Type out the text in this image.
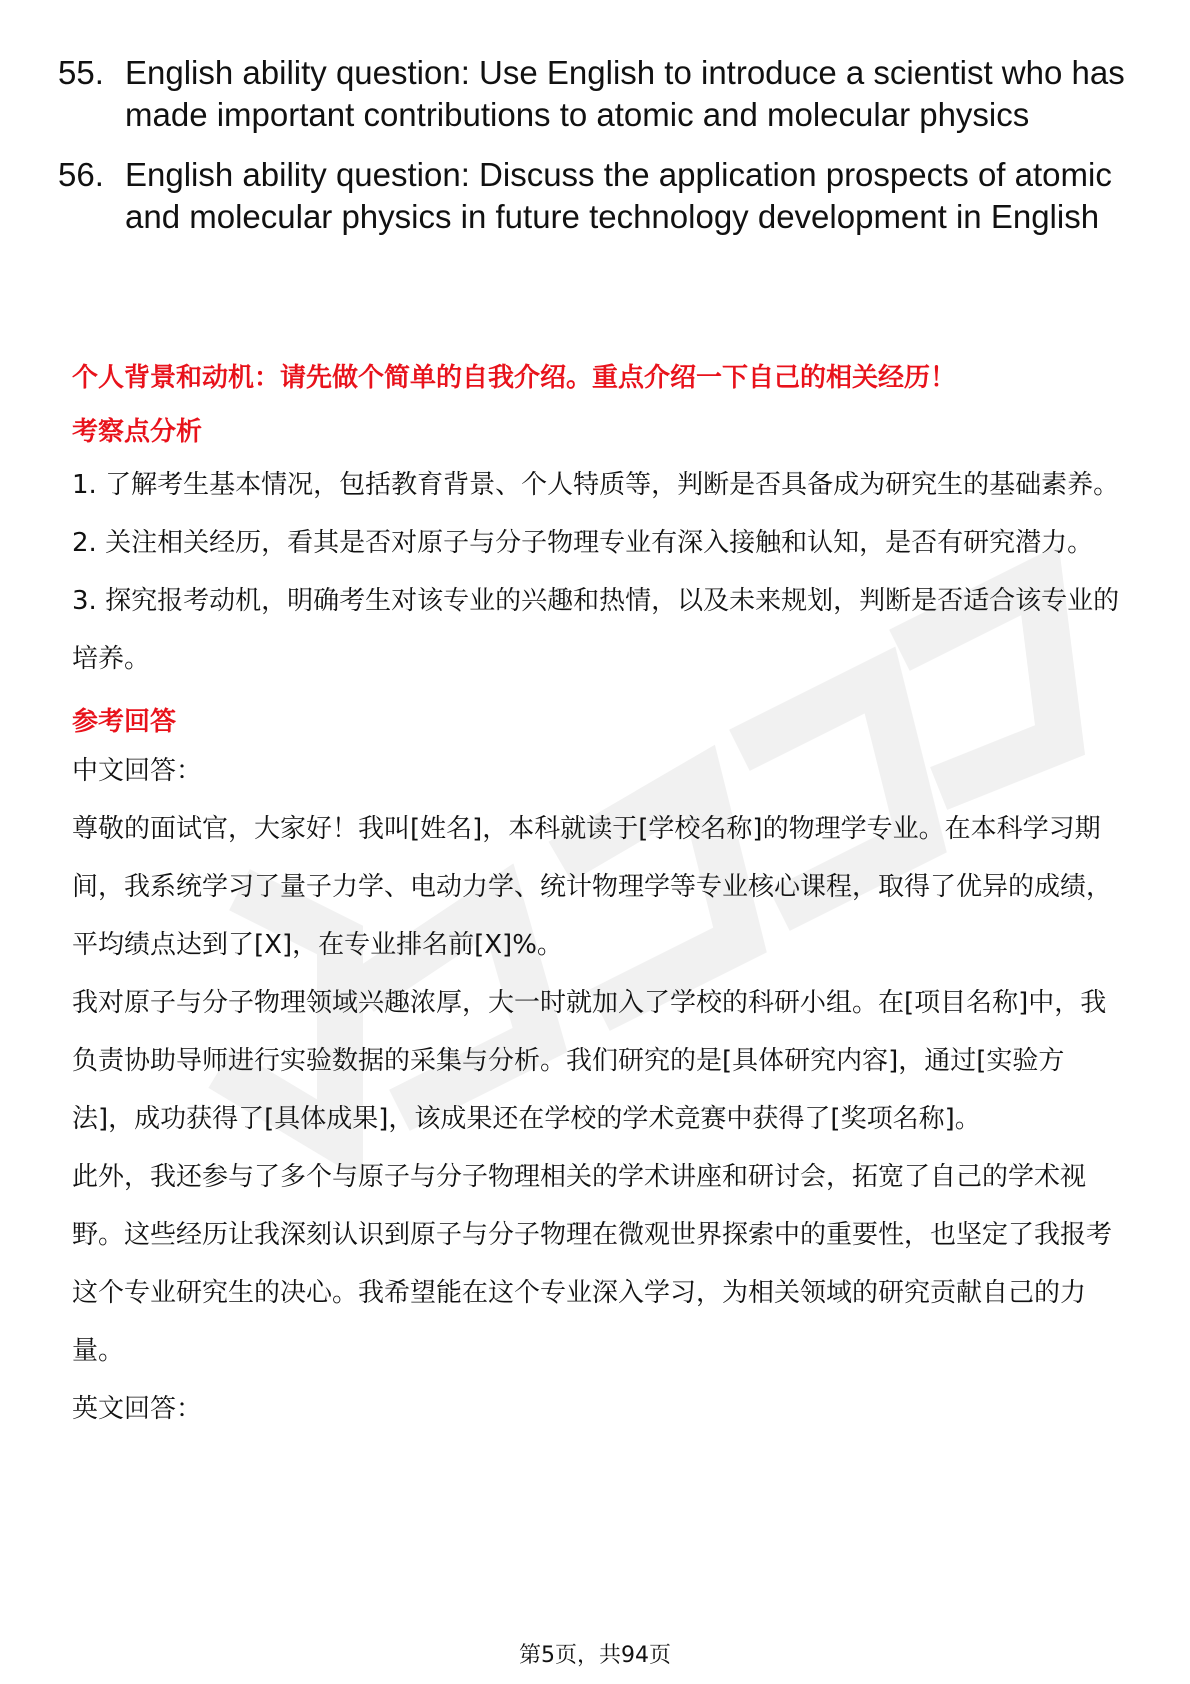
55. English ability question: Use English to introduce a scientist who has made important contributions to atomic and molecular physics
56. English ability question: Discuss the application prospects of atomic and molecular physics in future technology development in English
个人背景和动机：请先做个简单的自我介绍。重点介绍一下自己的相关经历！
考察点分析
1. 了解考生基本情况，包括教育背景、个人特质等，判断是否具备成为研究生的基础素养。
2. 关注相关经历，看其是否对原子与分子物理专业有深入接触和认知，是否有研究潜力。
3. 探究报考动机，明确考生对该专业的兴趣和热情，以及未来规划，判断是否适合该专业的培养。
参考回答
中文回答：
尊敬的面试官，大家好！我叫[姓名]，本科就读于[学校名称]的物理学专业。在本科学习期间，我系统学习了量子力学、电动力学、统计物理学等专业核心课程，取得了优异的成绩，平均绩点达到了[X]，在专业排名前[X]%。
我对原子与分子物理领域兴趣浓厚，大一时就加入了学校的科研小组。在[项目名称]中，我负责协助导师进行实验数据的采集与分析。我们研究的是[具体研究内容]，通过[实验方法]，成功获得了[具体成果]，该成果还在学校的学术竞赛中获得了[奖项名称]。
此外，我还参与了多个与原子与分子物理相关的学术讲座和研讨会，拓宽了自己的学术视野。这些经历让我深刻认识到原子与分子物理在微观世界探索中的重要性，也坚定了我报考这个专业研究生的决心。我希望能在这个专业深入学习，为相关领域的研究贡献自己的力量。
英文回答：
第5页，共94页
